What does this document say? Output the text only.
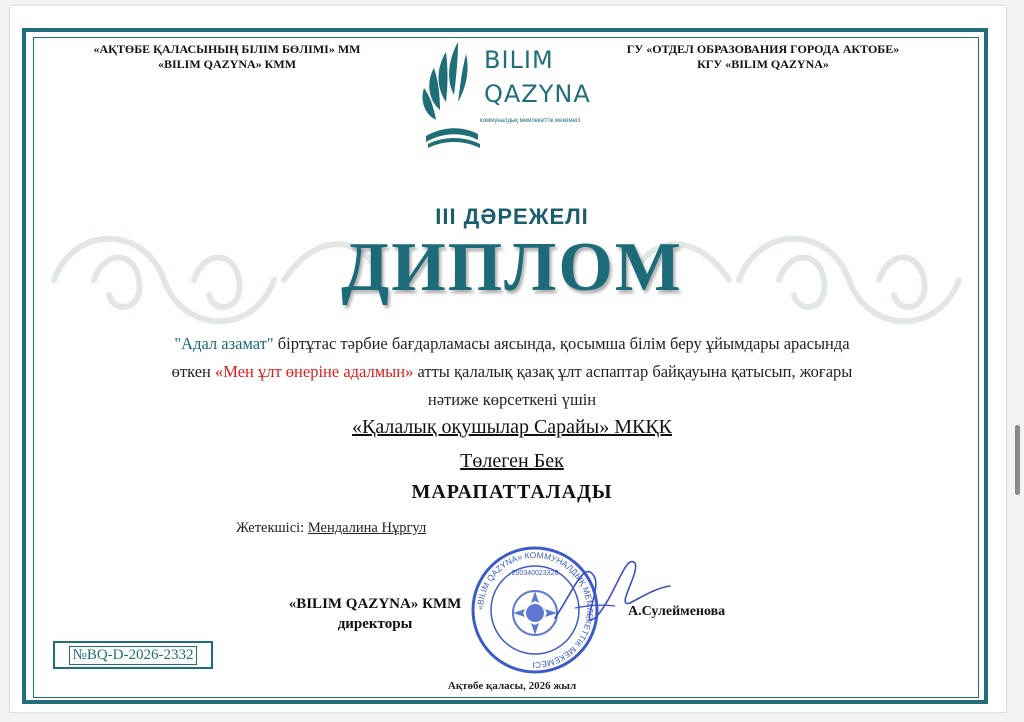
«АҚТӨБЕ ҚАЛАСЫНЫҢ БІЛІМ БӨЛІМІ» ММ
«BILIM QAZYNA» КММ
ГУ «ОТДЕЛ ОБРАЗОВАНИЯ ГОРОДА АКТОБЕ»
КГУ «BILIM QAZYNA»
BILIM
QAZYNA
коммуналдық мемлекеттік мекемесі
ІІІ ДӘРЕЖЕЛІ
ДИПЛОМ
"Адал азамат" біртұтас тәрбие бағдарламасы аясында, қосымша білім беру ұйымдары арасында өткен «Мен ұлт өнеріне адалмын» атты қалалық қазақ ұлт аспаптар байқауына қатысып, жоғары нәтиже көрсеткені үшін
«Қалалық оқушылар Сарайы» МКҚК
Төлеген Бек
МАРАПАТТАЛАДЫ
Жетекшісі: Мендалина Нұргул
«BILIM QAZYNA» КММ
директоры
«BILIM QAZYNA» КОММУНАЛДЫҚ МЕМЛЕКЕТТІК МЕКЕМЕСІ
200340023328
А.Сулейменова
№BQ-D-2026-2332
Ақтөбе қаласы, 2026 жыл
